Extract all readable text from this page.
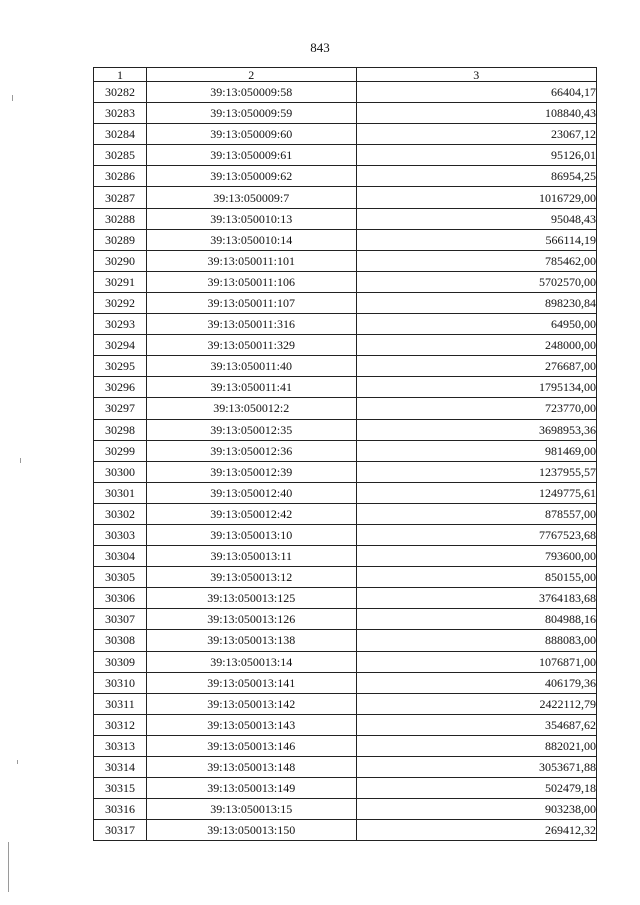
843
1	2	3
30282	39:13:050009:58	66404,17
30283	39:13:050009:59	108840,43
30284	39:13:050009:60	23067,12
30285	39:13:050009:61	95126,01
30286	39:13:050009:62	86954,25
30287	39:13:050009:7	1016729,00
30288	39:13:050010:13	95048,43
30289	39:13:050010:14	566114,19
30290	39:13:050011:101	785462,00
30291	39:13:050011:106	5702570,00
30292	39:13:050011:107	898230,84
30293	39:13:050011:316	64950,00
30294	39:13:050011:329	248000,00
30295	39:13:050011:40	276687,00
30296	39:13:050011:41	1795134,00
30297	39:13:050012:2	723770,00
30298	39:13:050012:35	3698953,36
30299	39:13:050012:36	981469,00
30300	39:13:050012:39	1237955,57
30301	39:13:050012:40	1249775,61
30302	39:13:050012:42	878557,00
30303	39:13:050013:10	7767523,68
30304	39:13:050013:11	793600,00
30305	39:13:050013:12	850155,00
30306	39:13:050013:125	3764183,68
30307	39:13:050013:126	804988,16
30308	39:13:050013:138	888083,00
30309	39:13:050013:14	1076871,00
30310	39:13:050013:141	406179,36
30311	39:13:050013:142	2422112,79
30312	39:13:050013:143	354687,62
30313	39:13:050013:146	882021,00
30314	39:13:050013:148	3053671,88
30315	39:13:050013:149	502479,18
30316	39:13:050013:15	903238,00
30317	39:13:050013:150	269412,32
